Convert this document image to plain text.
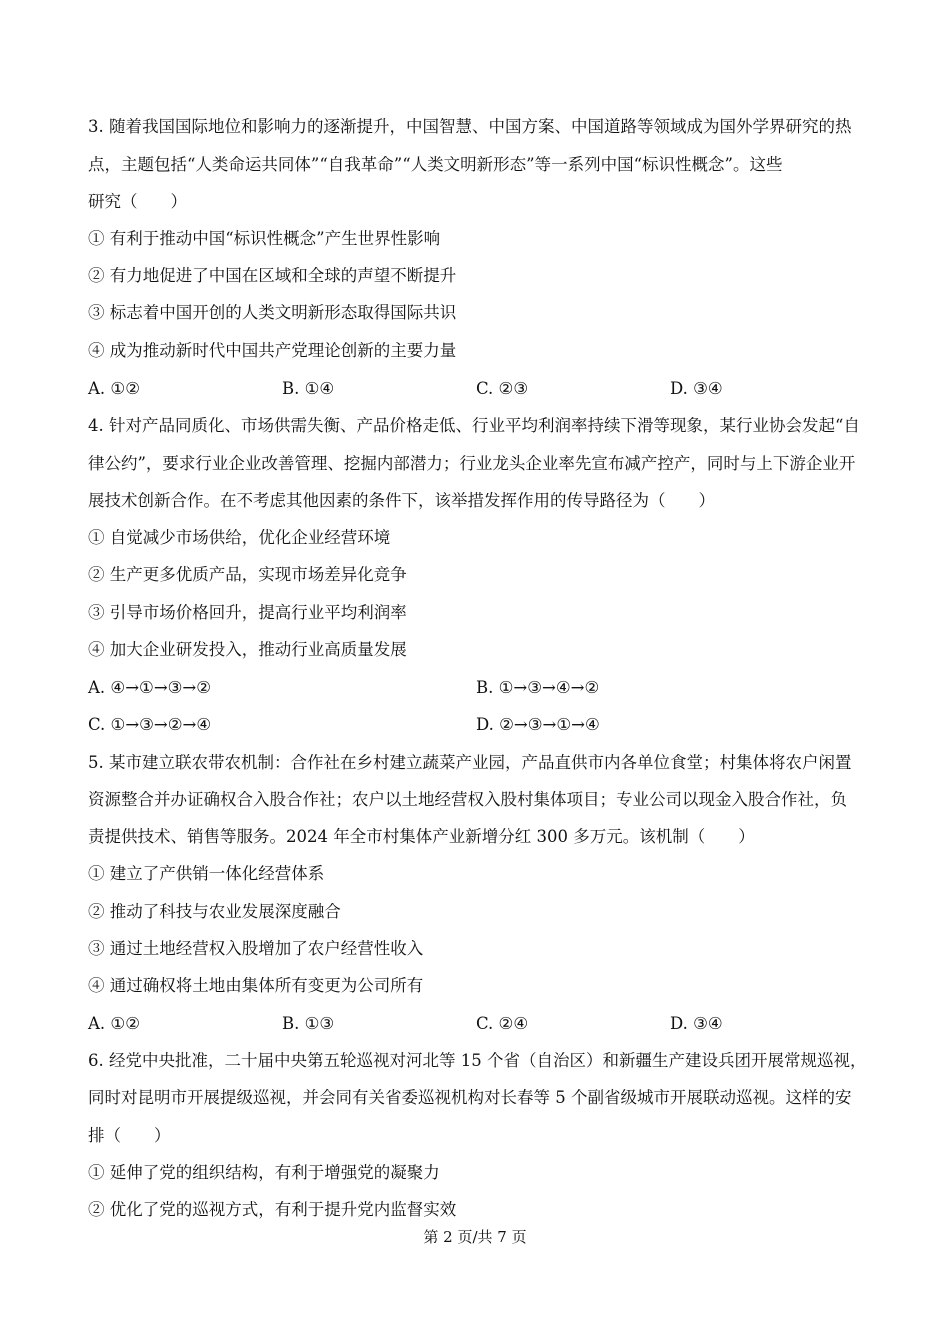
3. 随着我国国际地位和影响力的逐渐提升，中国智慧、中国方案、中国道路等领域成为国外学界研究的热
点，主题包括“人类命运共同体”“自我革命”“人类文明新形态”等一系列中国“标识性概念”。这些
研究（　　）
① 有利于推动中国“标识性概念”产生世界性影响
② 有力地促进了中国在区域和全球的声望不断提升
③ 标志着中国开创的人类文明新形态取得国际共识
④ 成为推动新时代中国共产党理论创新的主要力量
A. ①②	B. ①④	C. ②③	D. ③④
4. 针对产品同质化、市场供需失衡、产品价格走低、行业平均利润率持续下滑等现象，某行业协会发起“自
律公约”，要求行业企业改善管理、挖掘内部潜力；行业龙头企业率先宣布减产控产，同时与上下游企业开
展技术创新合作。在不考虑其他因素的条件下，该举措发挥作用的传导路径为（　　）
① 自觉减少市场供给，优化企业经营环境
② 生产更多优质产品，实现市场差异化竞争
③ 引导市场价格回升，提高行业平均利润率
④ 加大企业研发投入，推动行业高质量发展
A. ④→①→③→②	B. ①→③→④→②
C. ①→③→②→④	D. ②→③→①→④
5. 某市建立联农带农机制：合作社在乡村建立蔬菜产业园，产品直供市内各单位食堂；村集体将农户闲置
资源整合并办证确权合入股合作社；农户以土地经营权入股村集体项目；专业公司以现金入股合作社，负
责提供技术、销售等服务。2024 年全市村集体产业新增分红 300 多万元。该机制（　　）
① 建立了产供销一体化经营体系
② 推动了科技与农业发展深度融合
③ 通过土地经营权入股增加了农户经营性收入
④ 通过确权将土地由集体所有变更为公司所有
A. ①②	B. ①③	C. ②④	D. ③④
6. 经党中央批准，二十届中央第五轮巡视对河北等 15 个省（自治区）和新疆生产建设兵团开展常规巡视，
同时对昆明市开展提级巡视，并会同有关省委巡视机构对长春等 5 个副省级城市开展联动巡视。这样的安
排（　　）
① 延伸了党的组织结构，有利于增强党的凝聚力
② 优化了党的巡视方式，有利于提升党内监督实效
第 2 页/共 7 页
